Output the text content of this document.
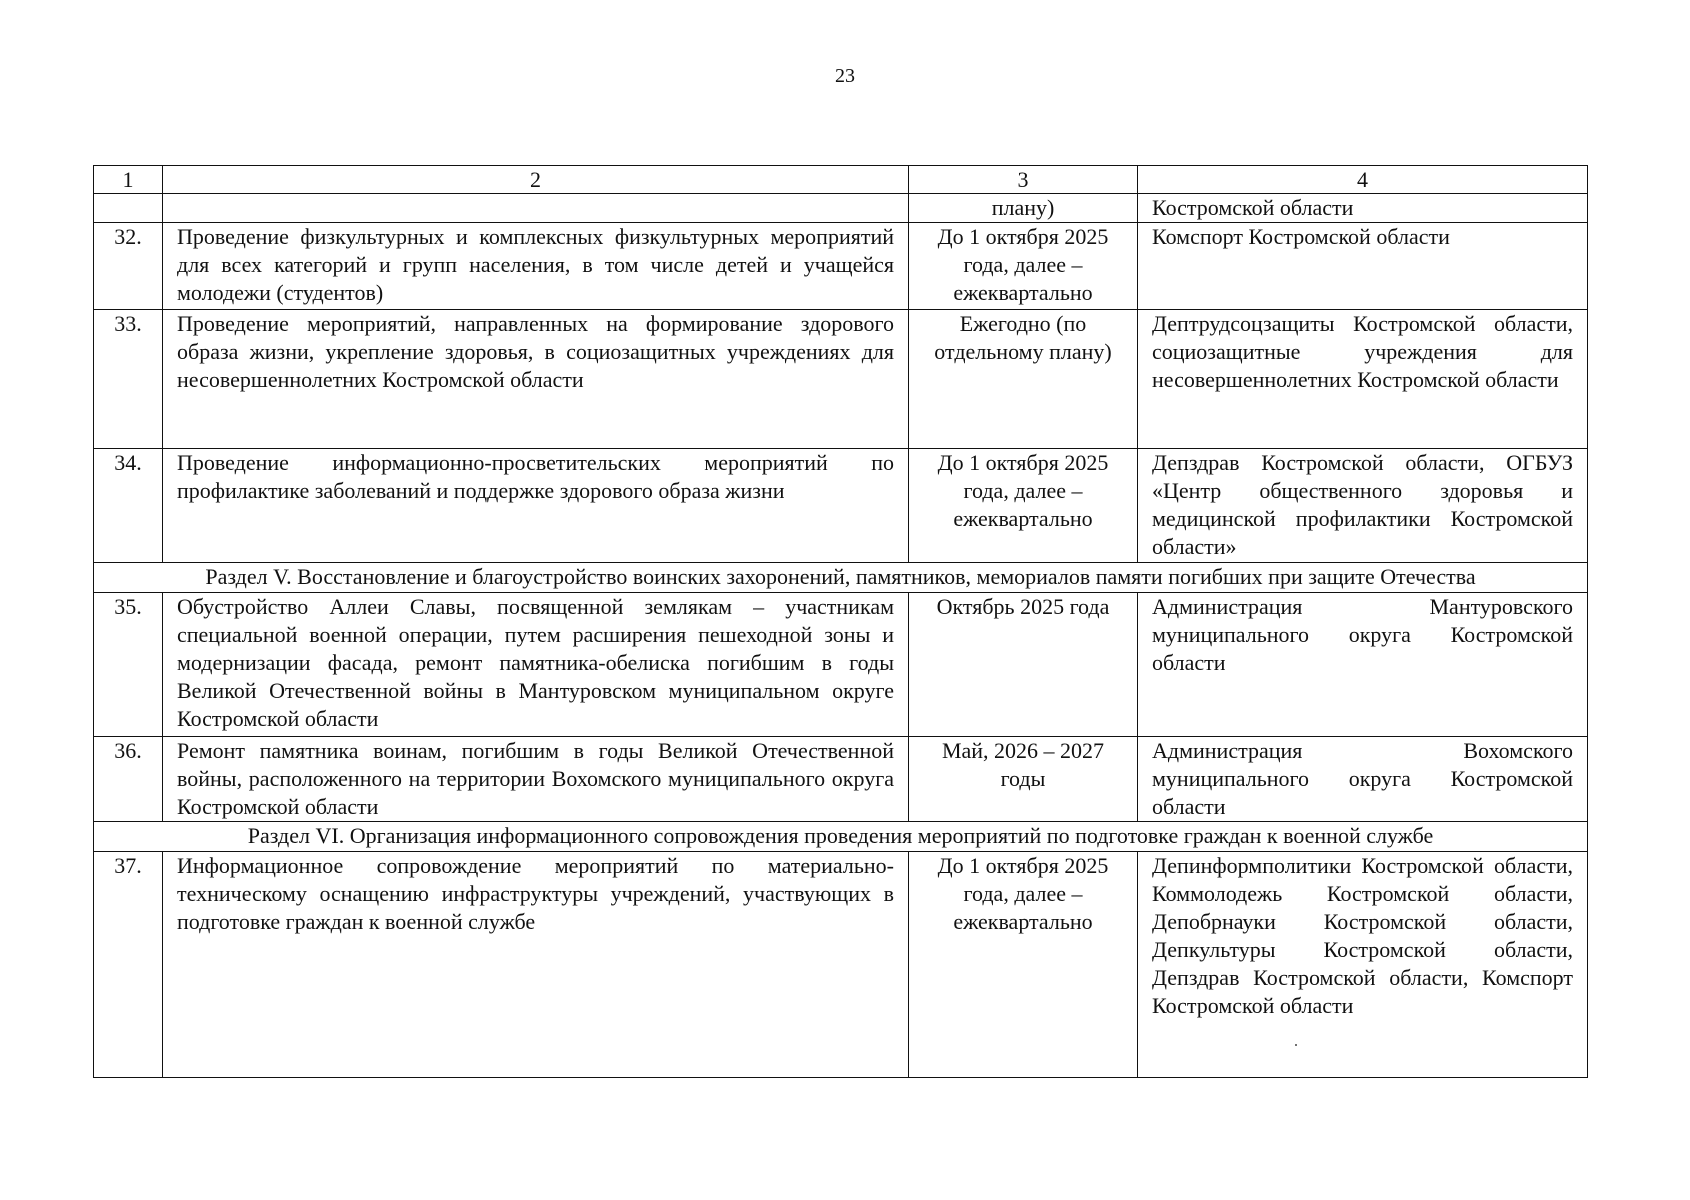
23
1	2	3	4
		плану)	Костромской области
32.	Проведение физкультурных и комплексных физкультурных мероприятий для всех категорий и групп населения, в том числе детей и учащейся молодежи (студентов)	До 1 октября 2025 года, далее – ежеквартально	Комспорт Костромской области
33.	Проведение мероприятий, направленных на формирование здорового образа жизни, укрепление здоровья, в социозащитных учреждениях для несовершеннолетних Костромской области	Ежегодно (по отдельному плану)	Дептрудсоцзащиты Костромской области, социозащитные учреждения для несовершеннолетних Костромской области
34.	Проведение информационно-просветительских мероприятий по профилактике заболеваний и поддержке здорового образа жизни	До 1 октября 2025 года, далее – ежеквартально	Депздрав Костромской области, ОГБУЗ «Центр общественного здоровья и медицинской профилактики Костромской области»
Раздел V. Восстановление и благоустройство воинских захоронений, памятников, мемориалов памяти погибших при защите Отечества			
35.	Обустройство Аллеи Славы, посвященной землякам – участникам специальной военной операции, путем расширения пешеходной зоны и модернизации фасада, ремонт памятника-обелиска погибшим в годы Великой Отечественной войны в Мантуровском муниципальном округе Костромской области	Октябрь 2025 года	Администрация Мантуровского муниципального округа Костромской области
36.	Ремонт памятника воинам, погибшим в годы Великой Отечественной войны, расположенного на территории Вохомского муниципального округа Костромской области	Май, 2026 – 2027 годы	Администрация Вохомского муниципального округа Костромской области
Раздел VI. Организация информационного сопровождения проведения мероприятий по подготовке граждан к военной службе			
37.	Информационное сопровождение мероприятий по материально-техническому оснащению инфраструктуры учреждений, участвующих в подготовке граждан к военной службе	До 1 октября 2025 года, далее – ежеквартально	Депинформполитики Костромской области, Коммолодежь Костромской области, Депобрнауки Костромской области, Депкультуры Костромской области, Депздрав Костромской области, Комспорт Костромской области
